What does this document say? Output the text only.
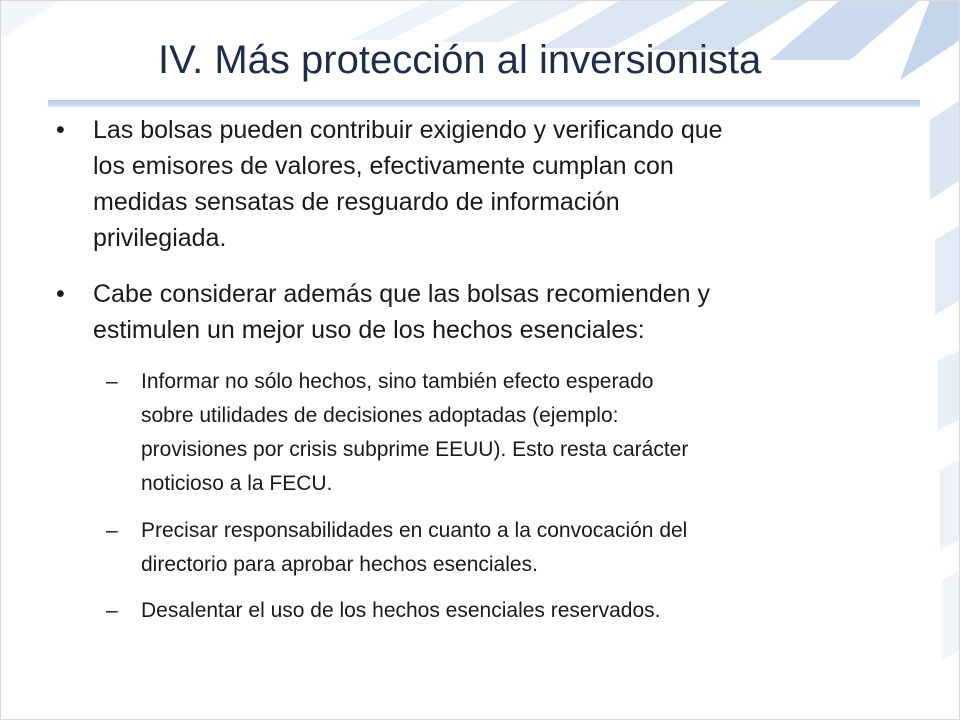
IV. Más protección al inversionista
•	Las bolsas pueden contribuir exigiendo y verificando que
los emisores de valores, efectivamente cumplan con
medidas sensatas de resguardo de información
privilegiada.
•	Cabe considerar además que las bolsas recomienden y
estimulen un mejor uso de los hechos esenciales:
–	Informar no sólo hechos, sino también efecto esperado
sobre utilidades de decisiones adoptadas (ejemplo:
provisiones por crisis subprime EEUU). Esto resta carácter
noticioso a la FECU.
–	Precisar responsabilidades en cuanto a la convocación del
directorio para aprobar hechos esenciales.
–	Desalentar el uso de los hechos esenciales reservados.
